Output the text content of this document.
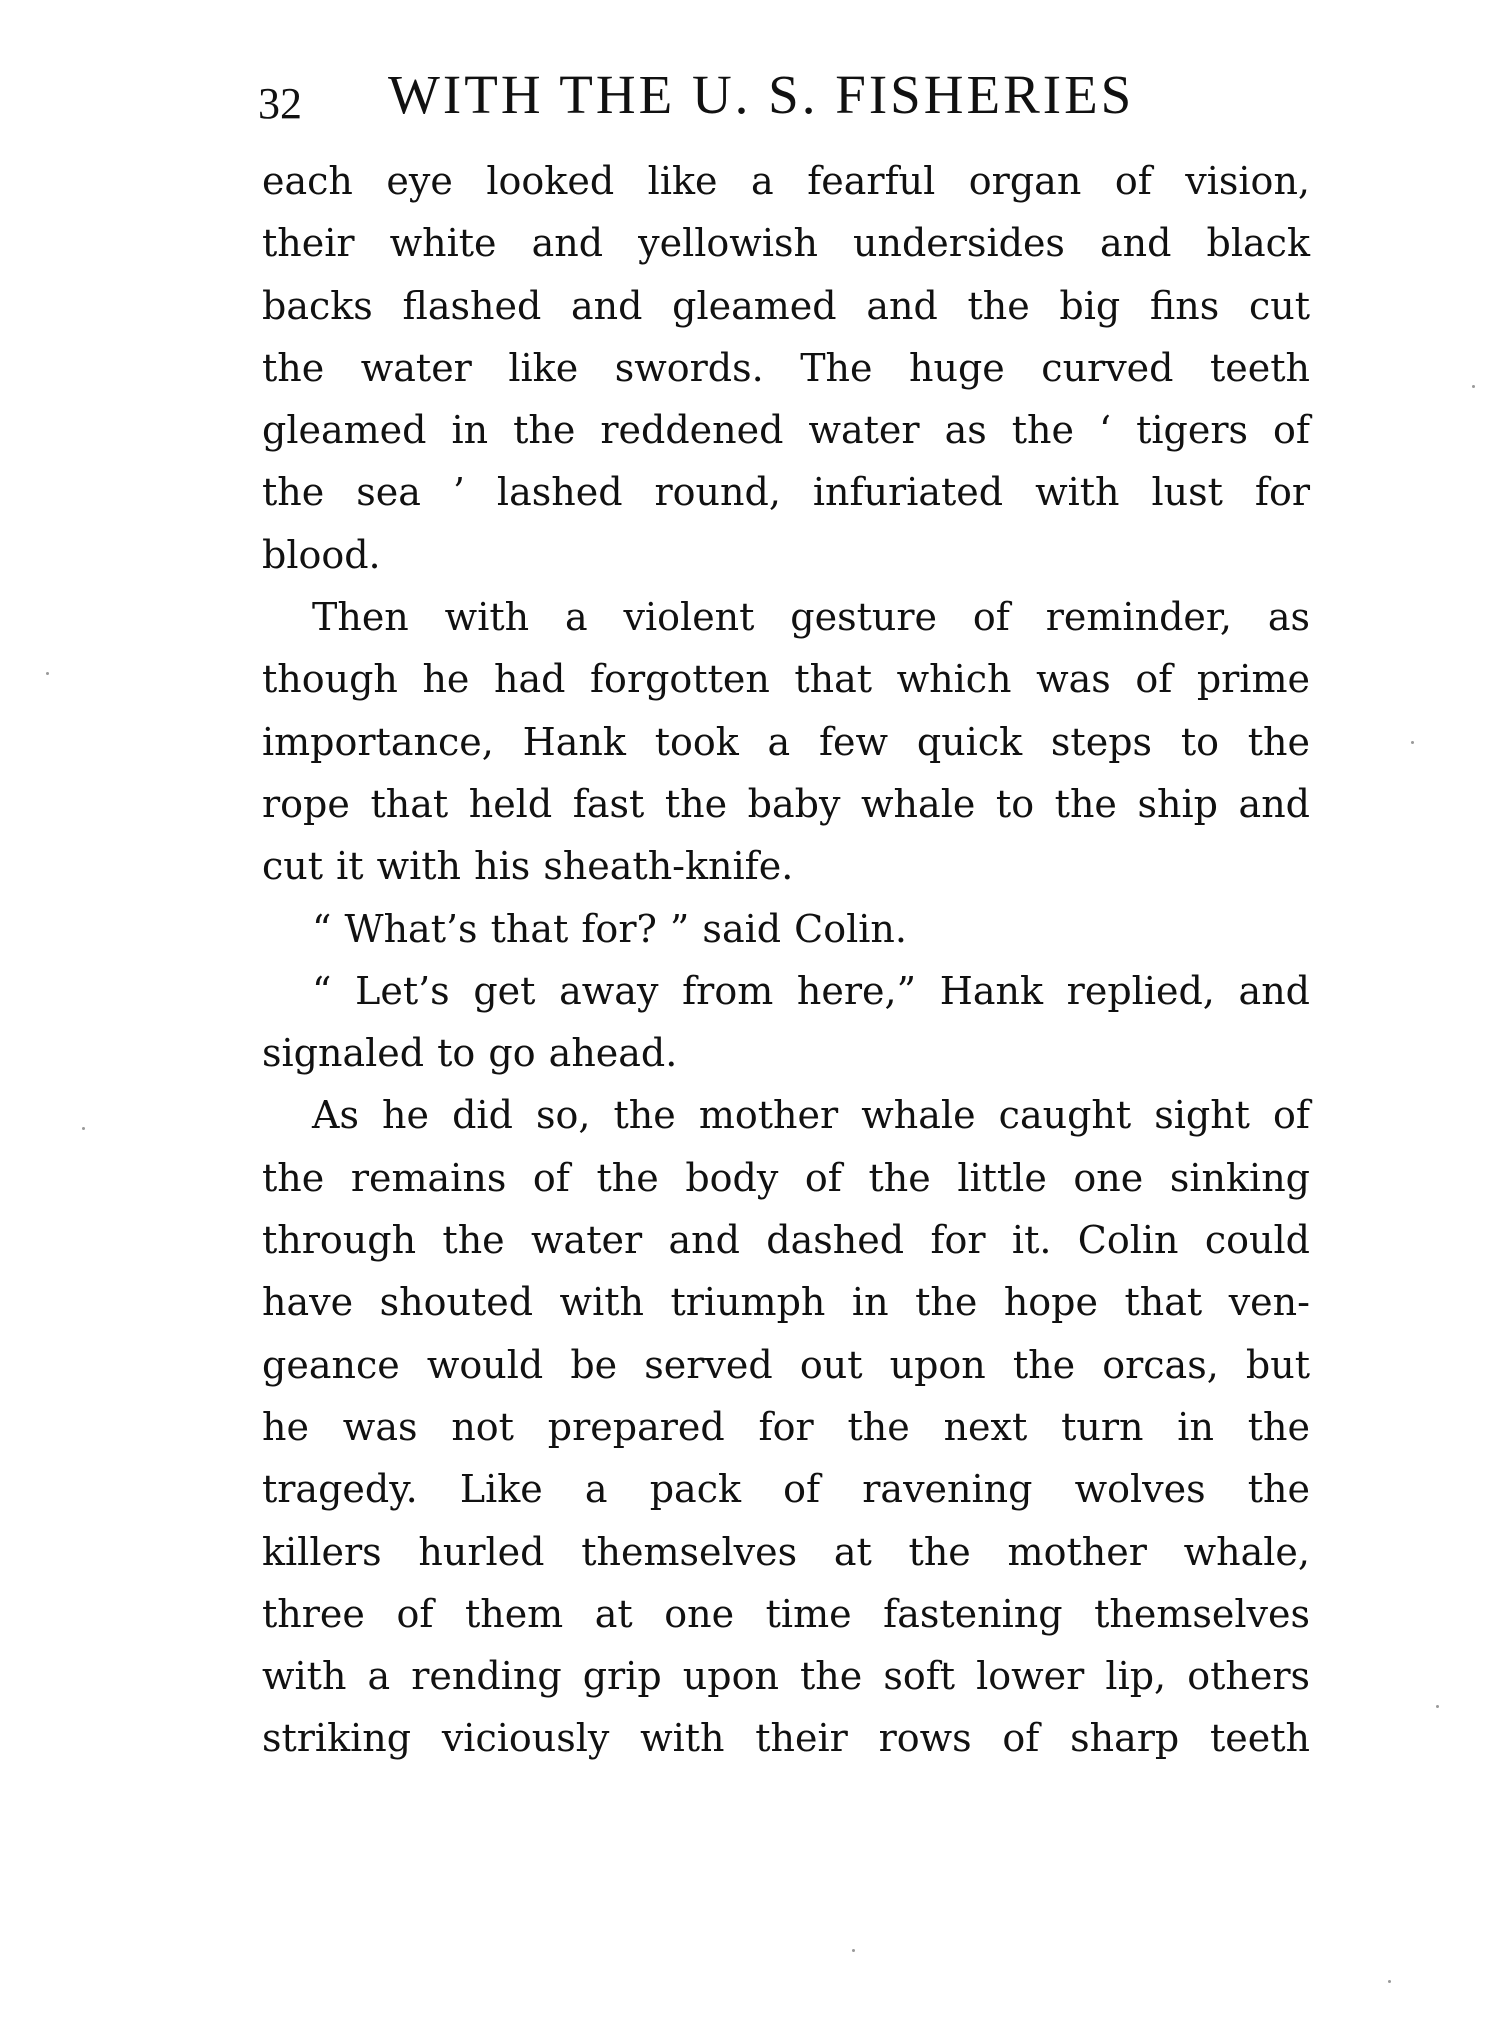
32 WITH THE U. S. FISHERIES
each eye looked like a fearful organ of vision,
their white and yellowish undersides and black
backs flashed and gleamed and the big fins cut
the water like swords. The huge curved teeth
gleamed in the reddened water as the ‘ tigers of
the sea ’ lashed round, infuriated with lust for
blood.
Then with a violent gesture of reminder, as
though he had forgotten that which was of prime
importance, Hank took a few quick steps to the
rope that held fast the baby whale to the ship and
cut it with his sheath-knife.
“ What’s that for? ” said Colin.
“ Let’s get away from here,” Hank replied, and
signaled to go ahead.
As he did so, the mother whale caught sight of
the remains of the body of the little one sinking
through the water and dashed for it. Colin could
have shouted with triumph in the hope that ven-
geance would be served out upon the orcas, but
he was not prepared for the next turn in the
tragedy. Like a pack of ravening wolves the
killers hurled themselves at the mother whale,
three of them at one time fastening themselves
with a rending grip upon the soft lower lip, others
striking viciously with their rows of sharp teeth
